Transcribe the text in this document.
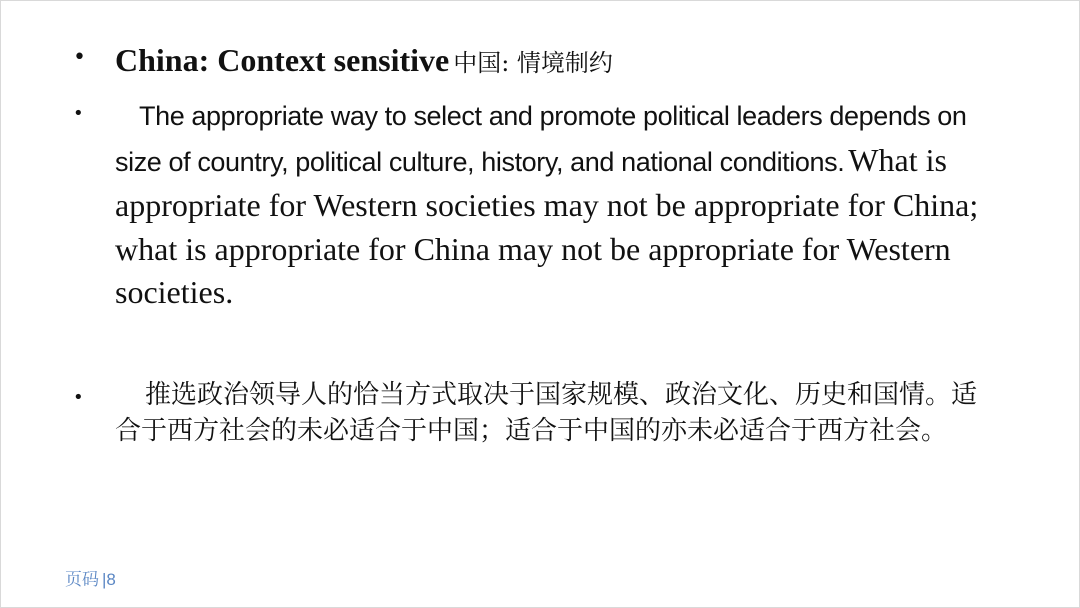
• China: Context sensitive 中国: 情境制约
•	The appropriate way to select and promote political leaders depends on size of country, political culture, history, and national conditions. What is appropriate for Western societies may not be appropriate for China; what is appropriate for China may not be appropriate for Western societies.
•	推选政治领导人的恰当方式取决于国家规模、政治文化、历史和国情。适合于西方社会的未必适合于中国；适合于中国的亦未必适合于西方社会。
页码 |8
